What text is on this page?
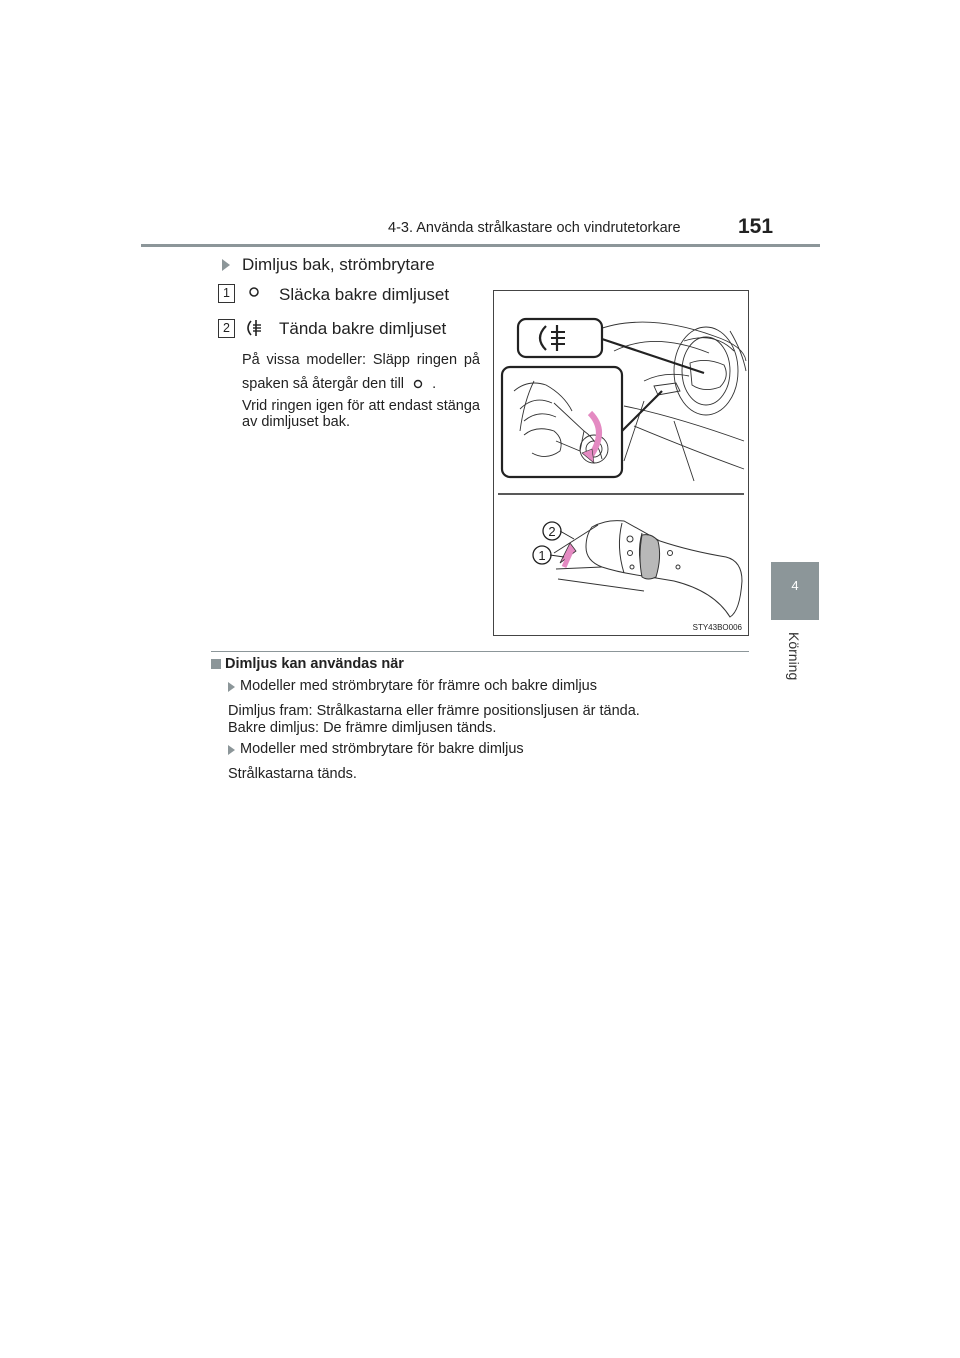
4-3. Använda strålkastare och vindrutetorkare	151
4
Körning
Dimljus bak, strömbrytare
1	Släcka bakre dimljuset
2	Tända bakre dimljuset
På vissa modeller: Släpp ringen på spaken så återgår den till .
Vrid ringen igen för att endast stänga av dimljuset bak.
2
1
STY43BO006
Dimljus kan användas när
Modeller med strömbrytare för främre och bakre dimljus
Dimljus fram: Strålkastarna eller främre positionsljusen är tända.
Bakre dimljus: De främre dimljusen tänds.
Modeller med strömbrytare för bakre dimljus
Strålkastarna tänds.
